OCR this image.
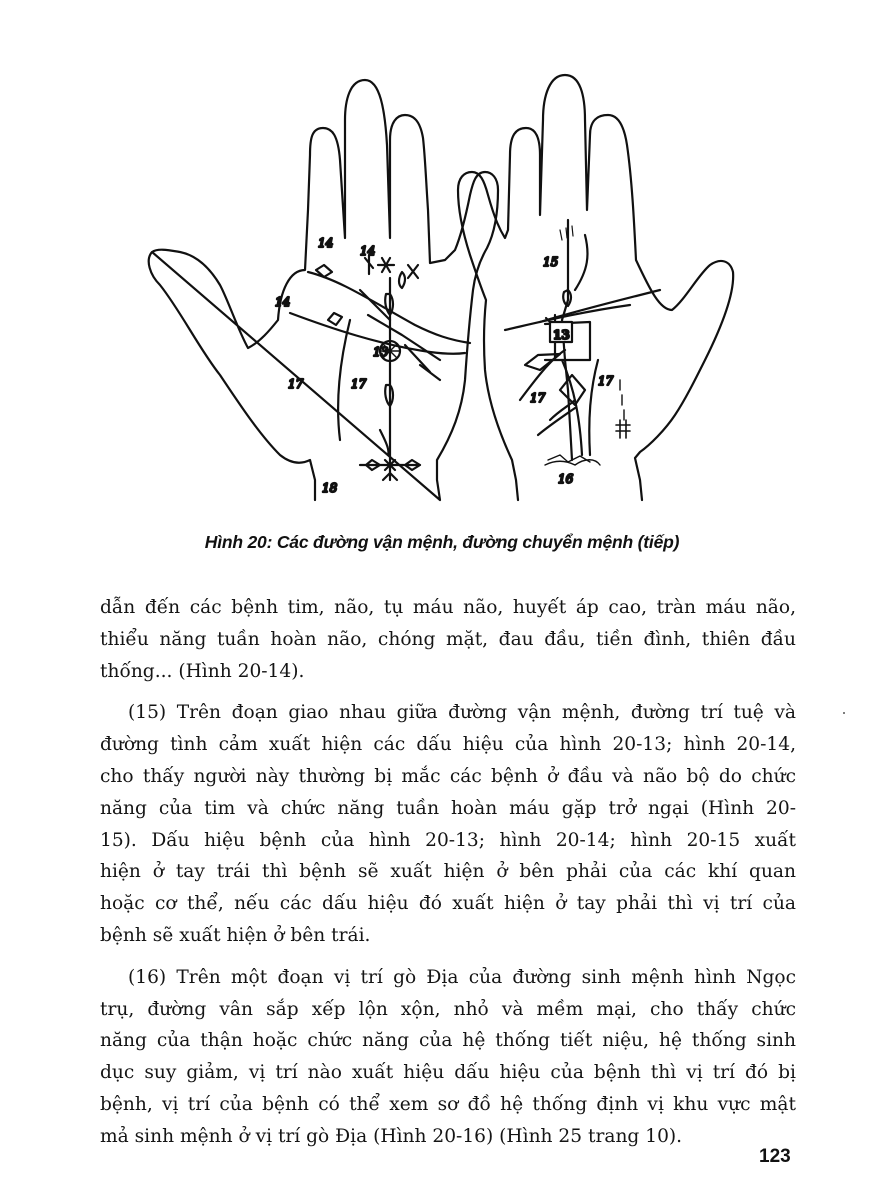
14
14
14
13
17	17
18
15
13
17
17
16
Hình 20: Các đường vận mệnh, đường chuyển mệnh (tiếp)
dẫn đến các bệnh tim, não, tụ máu não, huyết áp cao, tràn máu não,
thiểu năng tuần hoàn não, chóng mặt, đau đầu, tiền đình, thiên đầu
thống... (Hình 20-14).
(15) Trên đoạn giao nhau giữa đường vận mệnh, đường trí tuệ và
đường tình cảm xuất hiện các dấu hiệu của hình 20-13; hình 20-14,
cho thấy người này thường bị mắc các bệnh ở đầu và não bộ do chức
năng của tim và chức năng tuần hoàn máu gặp trở ngại (Hình 20-
15). Dấu hiệu bệnh của hình 20-13; hình 20-14; hình 20-15 xuất
hiện ở tay trái thì bệnh sẽ xuất hiện ở bên phải của các khí quan
hoặc cơ thể, nếu các dấu hiệu đó xuất hiện ở tay phải thì vị trí của
bệnh sẽ xuất hiện ở bên trái.
(16) Trên một đoạn vị trí gò Địa của đường sinh mệnh hình Ngọc
trụ, đường vân sắp xếp lộn xộn, nhỏ và mềm mại, cho thấy chức
năng của thận hoặc chức năng của hệ thống tiết niệu, hệ thống sinh
dục suy giảm, vị trí nào xuất hiệu dấu hiệu của bệnh thì vị trí đó bị
bệnh, vị trí của bệnh có thể xem sơ đồ hệ thống định vị khu vực mật
mả sinh mệnh ở vị trí gò Địa (Hình 20-16) (Hình 25 trang 10).
123
